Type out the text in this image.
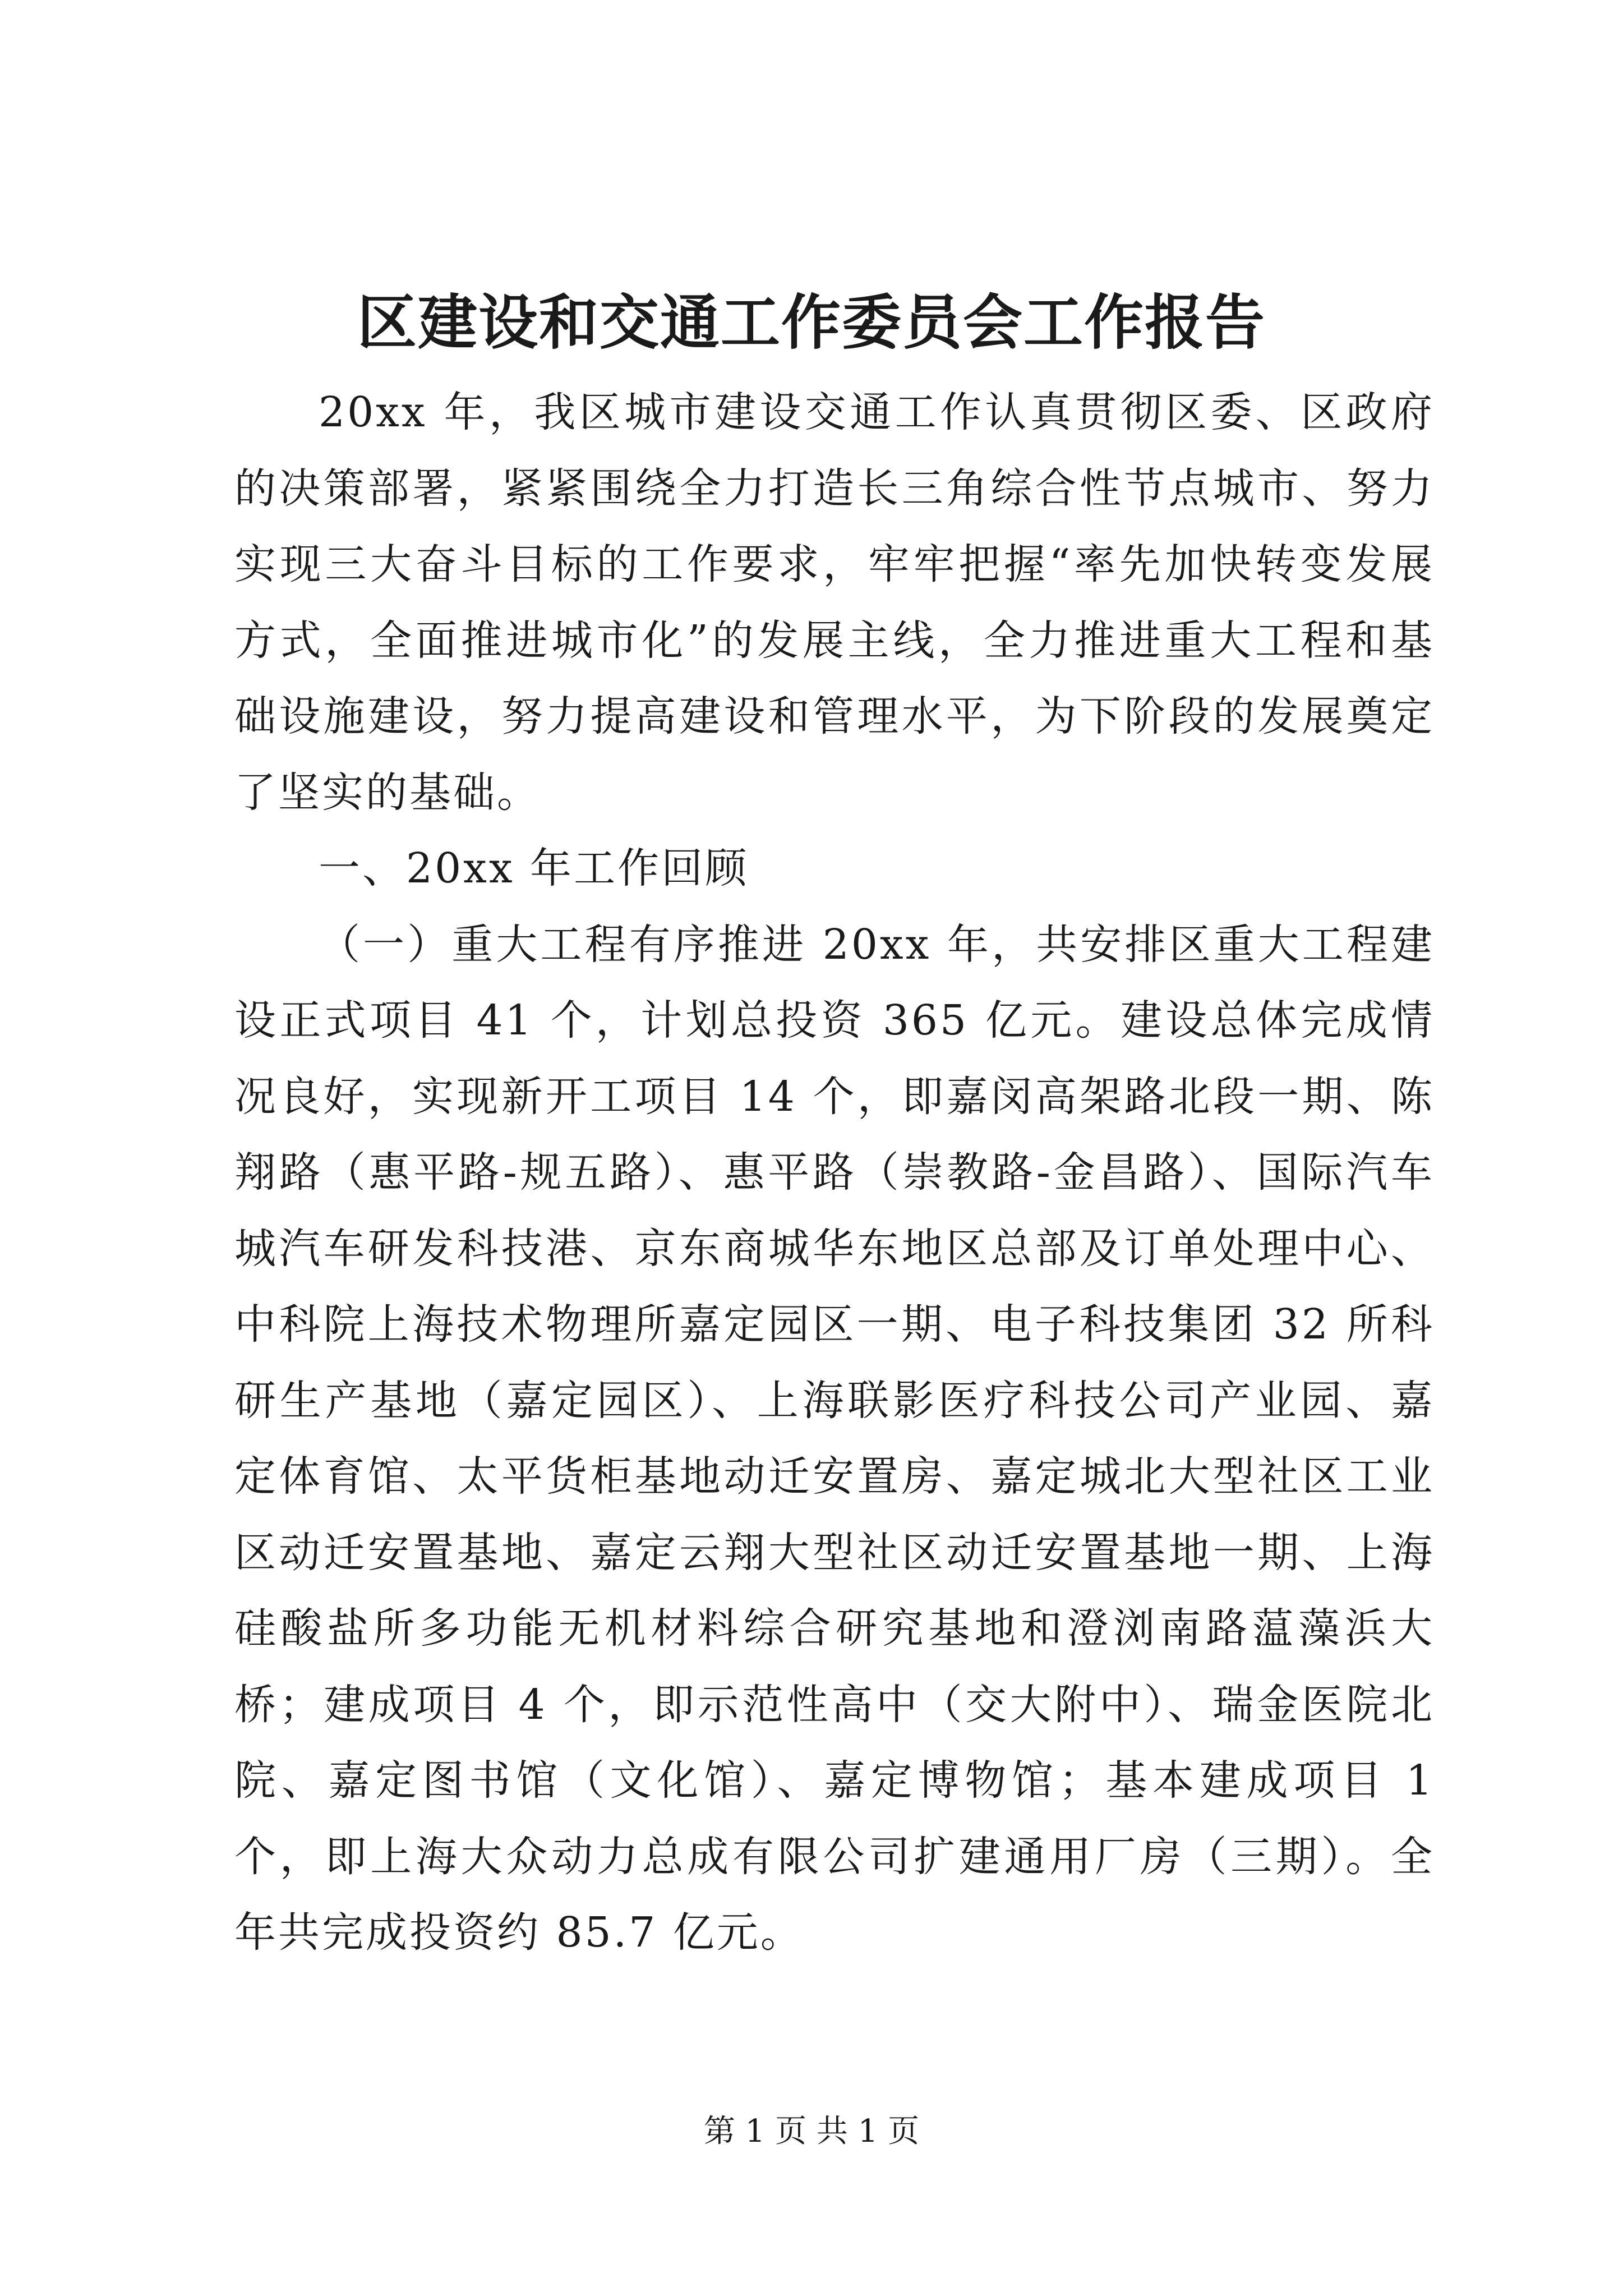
区建设和交通工作委员会工作报告

20xx 年，我区城市建设交通工作认真贯彻区委、区政府的决策部署，紧紧围绕全力打造长三角综合性节点城市、努力实现三大奋斗目标的工作要求，牢牢把握“率先加快转变发展方式，全面推进城市化”的发展主线，全力推进重大工程和基础设施建设，努力提高建设和管理水平，为下阶段的发展奠定了坚实的基础。

一、20xx 年工作回顾

（一）重大工程有序推进 20xx 年，共安排区重大工程建设正式项目 41 个，计划总投资 365 亿元。建设总体完成情况良好，实现新开工项目 14 个，即嘉闵高架路北段一期、陈翔路（惠平路-规五路）、惠平路（崇教路-金昌路）、国际汽车城汽车研发科技港、京东商城华东地区总部及订单处理中心、中科院上海技术物理所嘉定园区一期、电子科技集团 32 所科研生产基地（嘉定园区）、上海联影医疗科技公司产业园、嘉定体育馆、太平货柜基地动迁安置房、嘉定城北大型社区工业区动迁安置基地、嘉定云翔大型社区动迁安置基地一期、上海硅酸盐所多功能无机材料综合研究基地和澄浏南路蕰藻浜大桥；建成项目 4 个，即示范性高中（交大附中）、瑞金医院北院、嘉定图书馆（文化馆）、嘉定博物馆；基本建成项目 1 个，即上海大众动力总成有限公司扩建通用厂房（三期）。全年共完成投资约 85.7 亿元。

第 1 页 共 1 页
